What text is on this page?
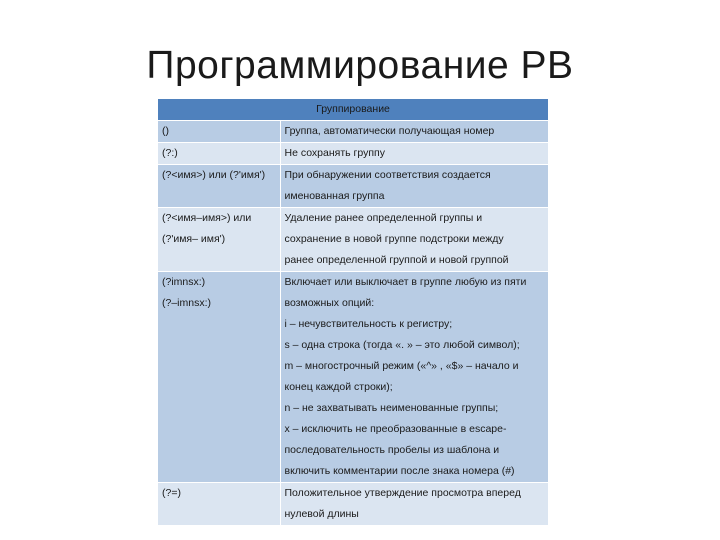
Программирование РВ
Группирование	
()	Группа, автоматически получающая номер
(?:)	Не сохранять группу
(?<имя>) или (?'имя')	При обнаружении соответствия создается
	именованная группа
(?<имя–имя>) или	Удаление ранее определенной группы и
(?'имя– имя')	сохранение в новой группе подстроки между
	ранее определенной группой и новой группой
(?imnsx:)	Включает или выключает в группе любую из пяти
(?–imnsx:)	возможных опций:
	i – нечувствительность к регистру;
	s – одна строка (тогда «. » – это любой символ);
	m – многострочный режим («^» , «$» – начало и
	конец каждой строки);
	n – не захватывать неименованные группы;
	x – исключить не преобразованные в escape-
	последовательность пробелы из шаблона и
	включить комментарии после знака номера (#)
(?=)	Положительное утверждение просмотра вперед
	нулевой длины
